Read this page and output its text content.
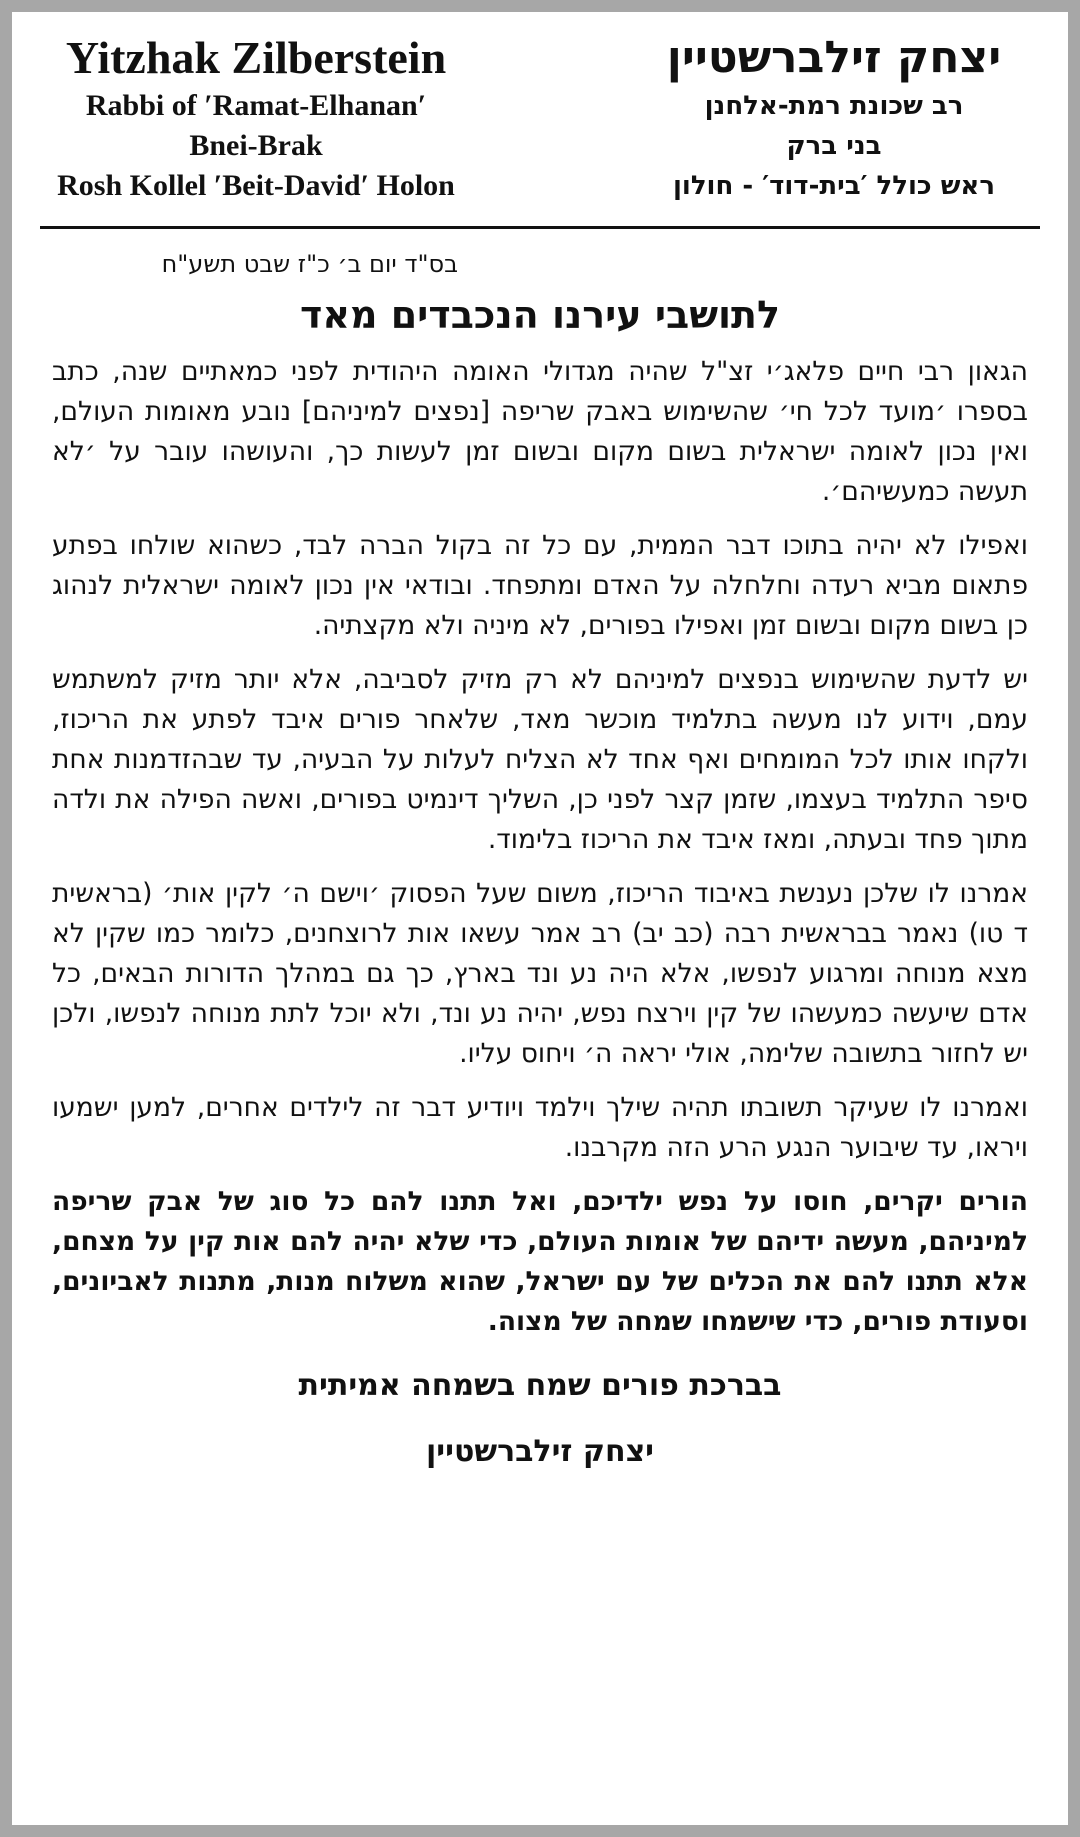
Yitzhak Zilberstein
Rabbi of ′Ramat-Elhanan′
Bnei-Brak
Rosh Kollel ′Beit-David′ Holon
יצחק זילברשטיין
רב שכונת רמת-אלחנן
בני ברק
ראש כולל ′בית-דוד′ - חולון
בס"ד יום ב׳ כ"ז שבט תשע"ח
לתושבי עירנו הנכבדים מאד

הגאון רבי חיים פלאג׳י זצ"ל שהיה מגדולי האומה היהודית לפני כמאתיים שנה, כתב בספרו ׳מועד לכל חי׳ שהשימוש באבק שריפה [נפצים למיניהם] נובע מאומות העולם, ואין נכון לאומה ישראלית בשום מקום ובשום זמן לעשות כך, והעושהו עובר על ׳לא תעשה כמעשיהם׳.

ואפילו לא יהיה בתוכו דבר הממית, עם כל זה בקול הברה לבד, כשהוא שולחו בפתע פתאום מביא רעדה וחלחלה על האדם ומתפחד. ובודאי אין נכון לאומה ישראלית לנהוג כן בשום מקום ובשום זמן ואפילו בפורים, לא מיניה ולא מקצתיה.

יש לדעת שהשימוש בנפצים למיניהם לא רק מזיק לסביבה, אלא יותר מזיק למשתמש עמם, וידוע לנו מעשה בתלמיד מוכשר מאד, שלאחר פורים איבד לפתע את הריכוז, ולקחו אותו לכל המומחים ואף אחד לא הצליח לעלות על הבעיה, עד שבהזדמנות אחת סיפר התלמיד בעצמו, שזמן קצר לפני כן, השליך דינמיט בפורים, ואשה הפילה את ולדה מתוך פחד ובעתה, ומאז איבד את הריכוז בלימוד.

אמרנו לו שלכן נענשת באיבוד הריכוז, משום שעל הפסוק ׳וישם ה׳ לקין אות׳ (בראשית ד טו) נאמר בבראשית רבה (כב יב) רב אמר עשאו אות לרוצחנים, כלומר כמו שקין לא מצא מנוחה ומרגוע לנפשו, אלא היה נע ונד בארץ, כך גם במהלך הדורות הבאים, כל אדם שיעשה כמעשהו של קין וירצח נפש, יהיה נע ונד, ולא יוכל לתת מנוחה לנפשו, ולכן יש לחזור בתשובה שלימה, אולי יראה ה׳ ויחוס עליו.

ואמרנו לו שעיקר תשובתו תהיה שילך וילמד ויודיע דבר זה לילדים אחרים, למען ישמעו ויראו, עד שיבוער הנגע הרע הזה מקרבנו.

הורים יקרים, חוסו על נפש ילדיכם, ואל תתנו להם כל סוג של אבק שריפה למיניהם, מעשה ידיהם של אומות העולם, כדי שלא יהיה להם אות קין על מצחם, אלא תתנו להם את הכלים של עם ישראל, שהוא משלוח מנות, מתנות לאביונים, וסעודת פורים, כדי שישמחו שמחה של מצוה.

בברכת פורים שמח בשמחה אמיתית
יצחק זילברשטיין
